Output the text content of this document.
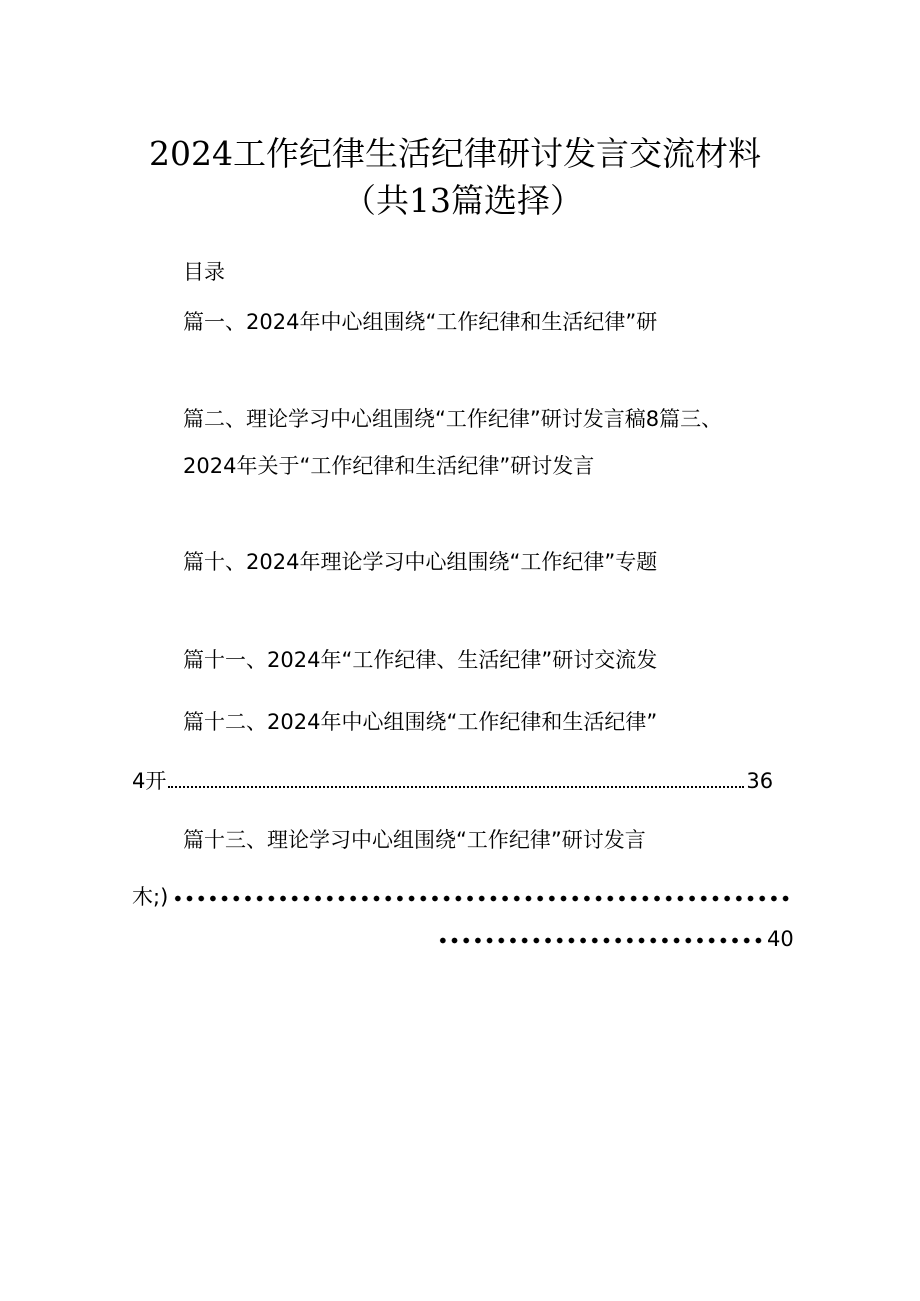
2024工作纪律生活纪律研讨发言交流材料
（共13篇选择）
目录
篇一、2024年中心组围绕“工作纪律和生活纪律”研
篇二、理论学习中心组围绕“工作纪律”研讨发言稿8篇三、
2024年关于“工作纪律和生活纪律”研讨发言
篇十、2024年理论学习中心组围绕“工作纪律”专题
篇十一、2024年“工作纪律、生活纪律”研讨交流发
篇十二、2024年中心组围绕“工作纪律和生活纪律”
4开	36
篇十三、理论学习中心组围绕“工作纪律”研讨发言
木;)
40
